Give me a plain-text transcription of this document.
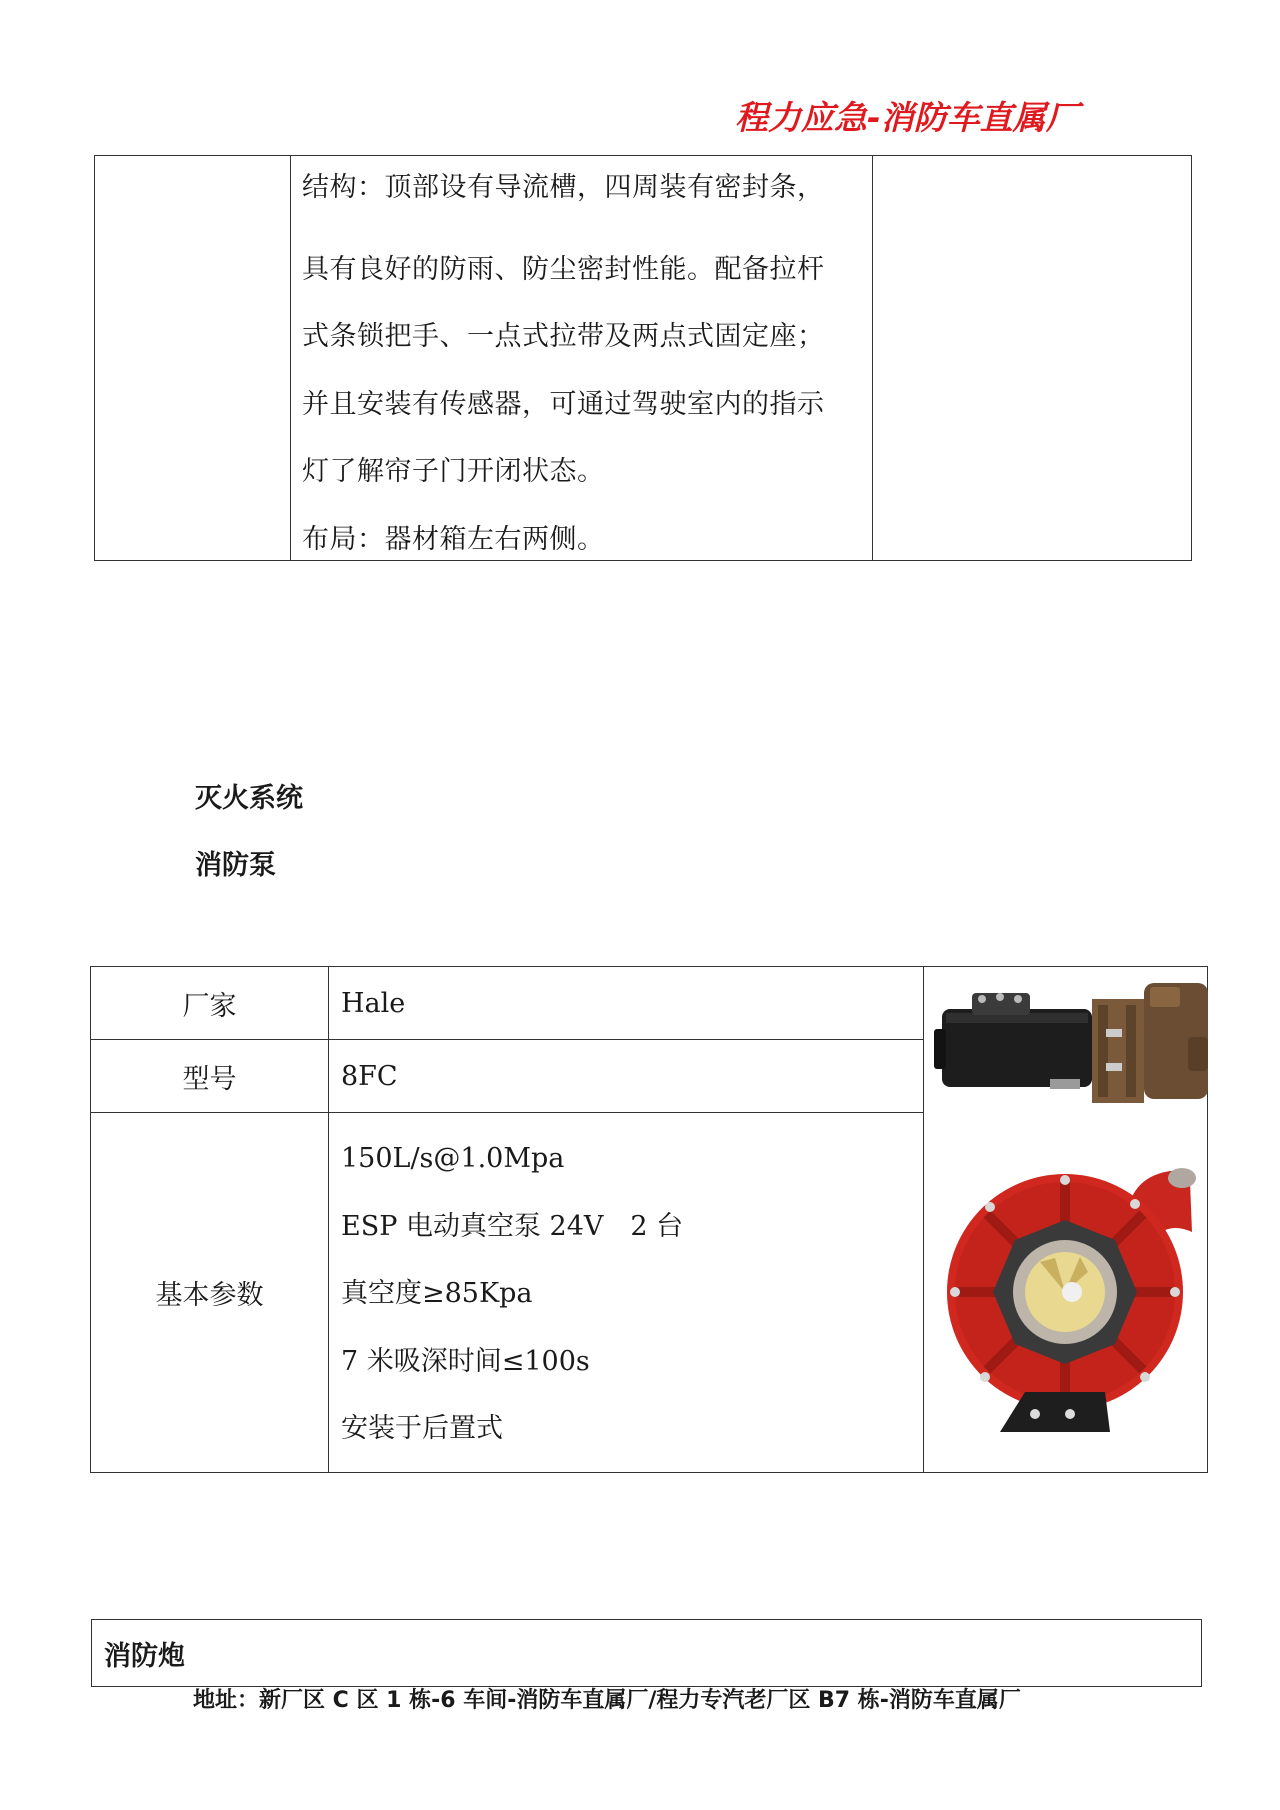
程力应急-消防车直属厂
结构：顶部设有导流槽，四周装有密封条，
具有良好的防雨、防尘密封性能。配备拉杆
式条锁把手、一点式拉带及两点式固定座；
并且安装有传感器，可通过驾驶室内的指示
灯了解帘子门开闭状态。
布局：器材箱左右两侧。
灭火系统
消防泵
厂家	Hale
型号	8FC
基本参数
150L/s@1.0Mpa
ESP 电动真空泵 24V　2 台
真空度≥85Kpa
7 米吸深时间≤100s
安装于后置式
消防炮
地址：新厂区 C 区 1 栋-6 车间-消防车直属厂/程力专汽老厂区 B7 栋-消防车直属厂
